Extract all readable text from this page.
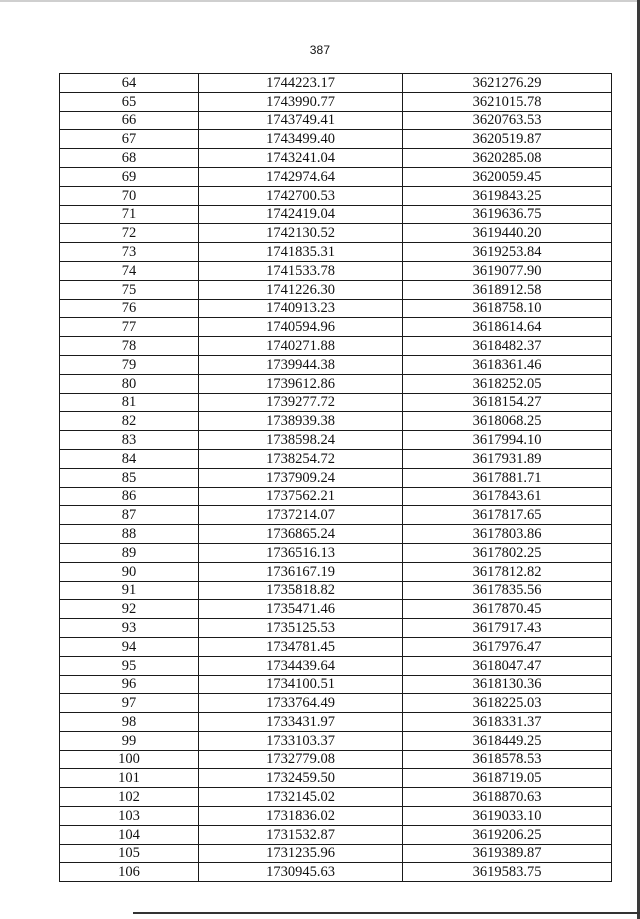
387
64	1744223.17	3621276.29
65	1743990.77	3621015.78
66	1743749.41	3620763.53
67	1743499.40	3620519.87
68	1743241.04	3620285.08
69	1742974.64	3620059.45
70	1742700.53	3619843.25
71	1742419.04	3619636.75
72	1742130.52	3619440.20
73	1741835.31	3619253.84
74	1741533.78	3619077.90
75	1741226.30	3618912.58
76	1740913.23	3618758.10
77	1740594.96	3618614.64
78	1740271.88	3618482.37
79	1739944.38	3618361.46
80	1739612.86	3618252.05
81	1739277.72	3618154.27
82	1738939.38	3618068.25
83	1738598.24	3617994.10
84	1738254.72	3617931.89
85	1737909.24	3617881.71
86	1737562.21	3617843.61
87	1737214.07	3617817.65
88	1736865.24	3617803.86
89	1736516.13	3617802.25
90	1736167.19	3617812.82
91	1735818.82	3617835.56
92	1735471.46	3617870.45
93	1735125.53	3617917.43
94	1734781.45	3617976.47
95	1734439.64	3618047.47
96	1734100.51	3618130.36
97	1733764.49	3618225.03
98	1733431.97	3618331.37
99	1733103.37	3618449.25
100	1732779.08	3618578.53
101	1732459.50	3618719.05
102	1732145.02	3618870.63
103	1731836.02	3619033.10
104	1731532.87	3619206.25
105	1731235.96	3619389.87
106	1730945.63	3619583.75
